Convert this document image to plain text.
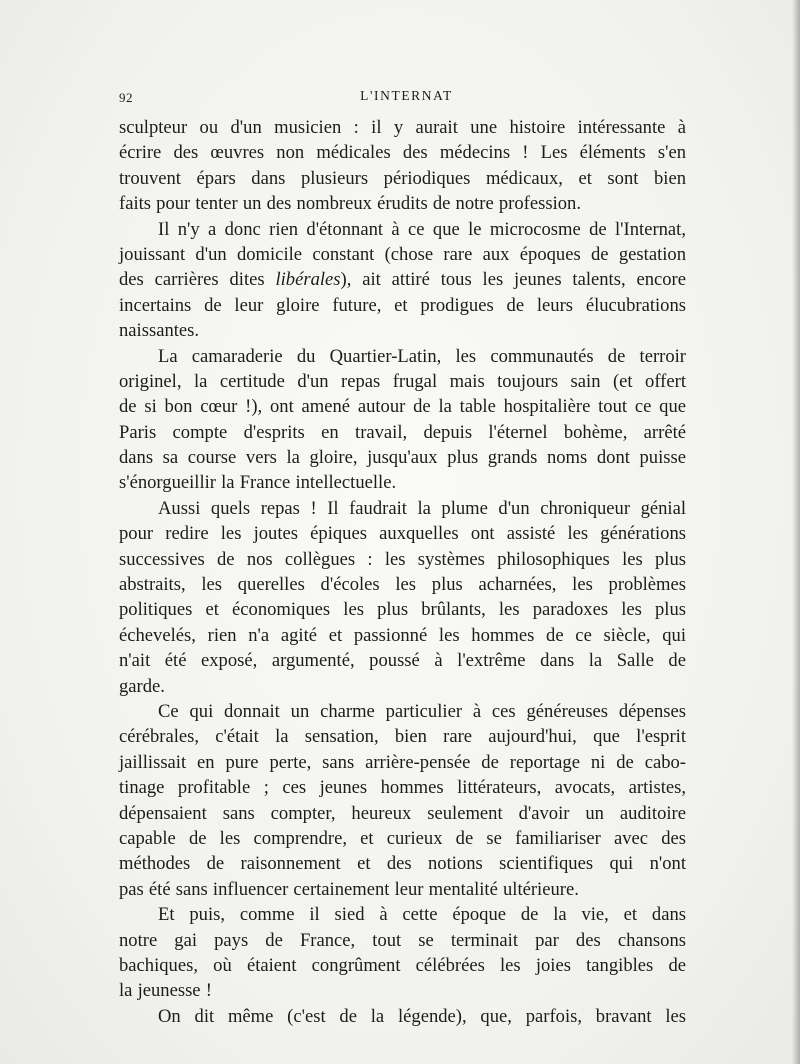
92	L'INTERNAT
sculpteur ou d'un musicien : il y aurait une histoire intéressante à
écrire des œuvres non médicales des médecins ! Les éléments s'en
trouvent épars dans plusieurs périodiques médicaux, et sont bien
faits pour tenter un des nombreux érudits de notre profession.
Il n'y a donc rien d'étonnant à ce que le microcosme de l'Internat,
jouissant d'un domicile constant (chose rare aux époques de gestation
des carrières dites libérales), ait attiré tous les jeunes talents, encore
incertains de leur gloire future, et prodigues de leurs élucubrations
naissantes.
La camaraderie du Quartier-Latin, les communautés de terroir
originel, la certitude d'un repas frugal mais toujours sain (et offert
de si bon cœur !), ont amené autour de la table hospitalière tout ce que
Paris compte d'esprits en travail, depuis l'éternel bohème, arrêté
dans sa course vers la gloire, jusqu'aux plus grands noms dont puisse
s'énorgueillir la France intellectuelle.
Aussi quels repas ! Il faudrait la plume d'un chroniqueur génial
pour redire les joutes épiques auxquelles ont assisté les générations
successives de nos collègues : les systèmes philosophiques les plus
abstraits, les querelles d'écoles les plus acharnées, les problèmes
politiques et économiques les plus brûlants, les paradoxes les plus
échevelés, rien n'a agité et passionné les hommes de ce siècle, qui
n'ait été exposé, argumenté, poussé à l'extrême dans la Salle de
garde.
Ce qui donnait un charme particulier à ces généreuses dépenses
cérébrales, c'était la sensation, bien rare aujourd'hui, que l'esprit
jaillissait en pure perte, sans arrière-pensée de reportage ni de cabo-
tinage profitable ; ces jeunes hommes littérateurs, avocats, artistes,
dépensaient sans compter, heureux seulement d'avoir un auditoire
capable de les comprendre, et curieux de se familiariser avec des
méthodes de raisonnement et des notions scientifiques qui n'ont
pas été sans influencer certainement leur mentalité ultérieure.
Et puis, comme il sied à cette époque de la vie, et dans
notre gai pays de France, tout se terminait par des chansons
bachiques, où étaient congrûment célébrées les joies tangibles de
la jeunesse !
On dit même (c'est de la légende), que, parfois, bravant les
